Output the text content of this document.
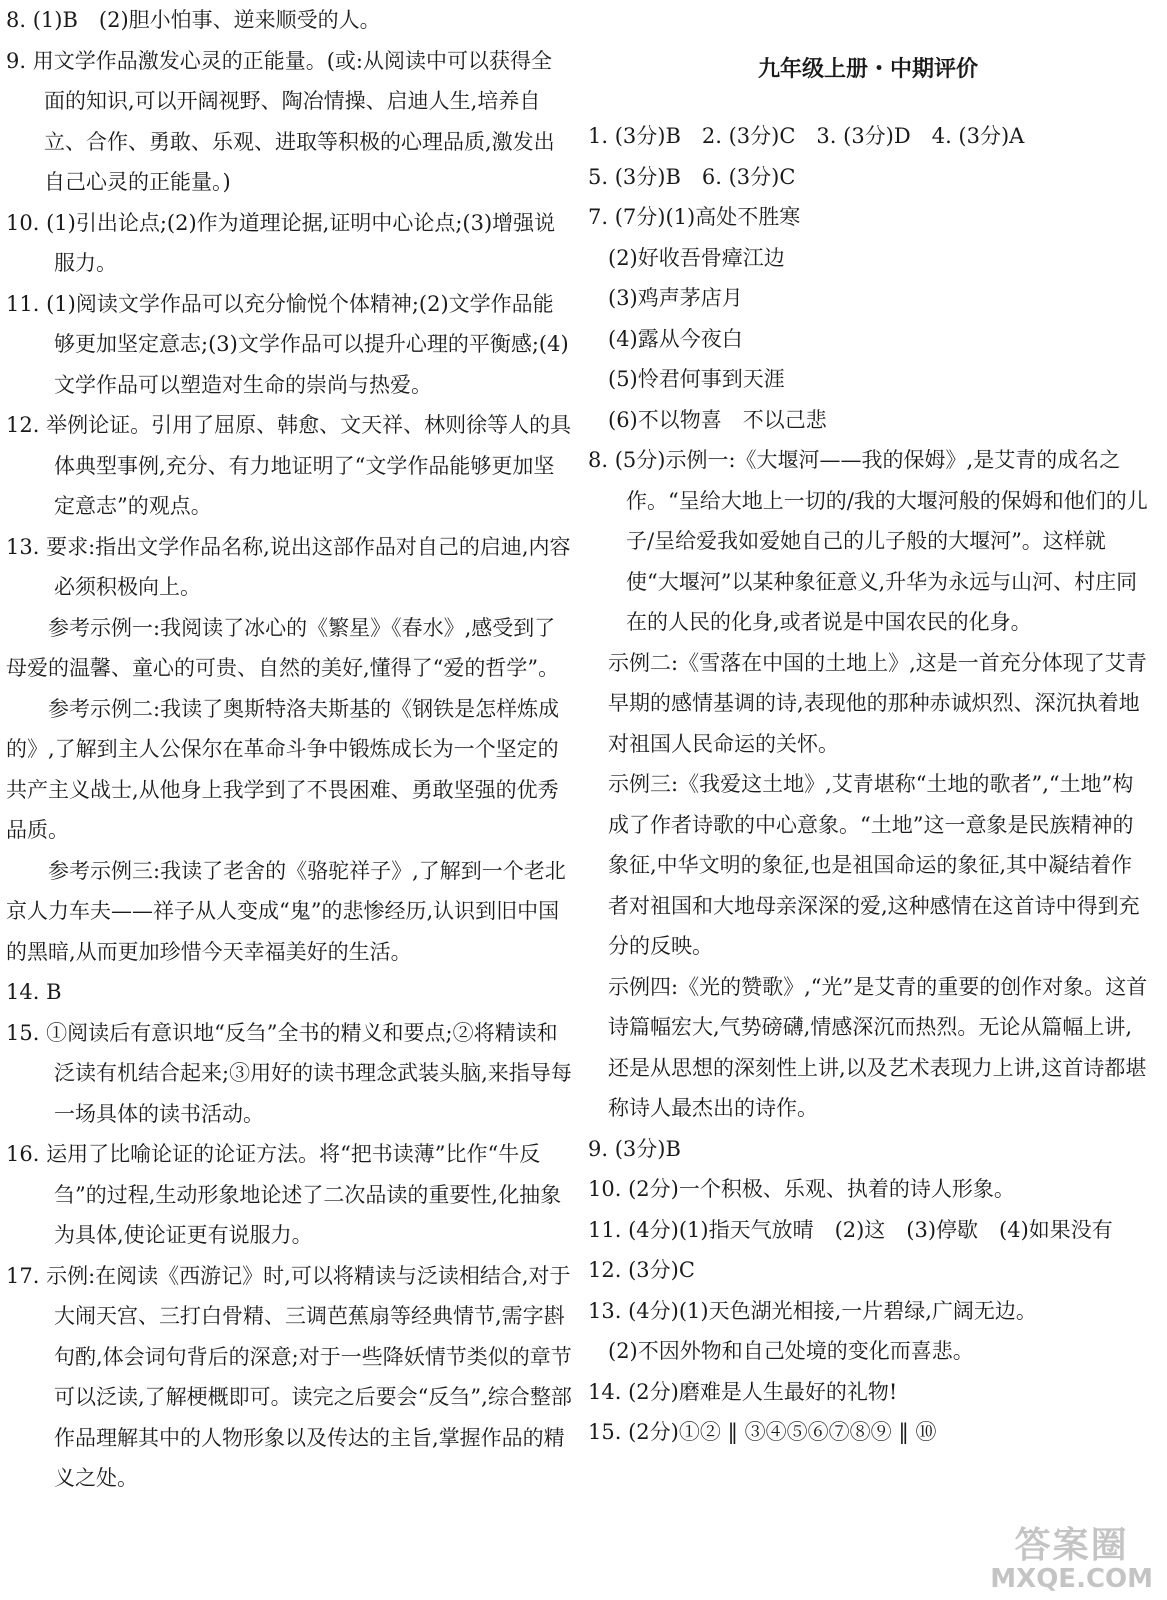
8. (1)B　(2)胆小怕事、逆来顺受的人。
9. 用文学作品激发心灵的正能量。(或:从阅读中可以获得全面的知识,可以开阔视野、陶冶情操、启迪人生,培养自立、合作、勇敢、乐观、进取等积极的心理品质,激发出自己心灵的正能量。)
10. (1)引出论点;(2)作为道理论据,证明中心论点;(3)增强说服力。
11. (1)阅读文学作品可以充分愉悦个体精神;(2)文学作品能够更加坚定意志;(3)文学作品可以提升心理的平衡感;(4)文学作品可以塑造对生命的崇尚与热爱。
12. 举例论证。引用了屈原、韩愈、文天祥、林则徐等人的具体典型事例,充分、有力地证明了“文学作品能够更加坚定意志”的观点。
13. 要求:指出文学作品名称,说出这部作品对自己的启迪,内容必须积极向上。
参考示例一:我阅读了冰心的《繁星》《春水》,感受到了母爱的温馨、童心的可贵、自然的美好,懂得了“爱的哲学”。
参考示例二:我读了奥斯特洛夫斯基的《钢铁是怎样炼成的》,了解到主人公保尔在革命斗争中锻炼成长为一个坚定的共产主义战士,从他身上我学到了不畏困难、勇敢坚强的优秀品质。
参考示例三:我读了老舍的《骆驼祥子》,了解到一个老北京人力车夫——祥子从人变成“鬼”的悲惨经历,认识到旧中国的黑暗,从而更加珍惜今天幸福美好的生活。
14. B
15. ①阅读后有意识地“反刍”全书的精义和要点;②将精读和泛读有机结合起来;③用好的读书理念武装头脑,来指导每一场具体的读书活动。
16. 运用了比喻论证的论证方法。将“把书读薄”比作“牛反刍”的过程,生动形象地论述了二次品读的重要性,化抽象为具体,使论证更有说服力。
17. 示例:在阅读《西游记》时,可以将精读与泛读相结合,对于大闹天宫、三打白骨精、三调芭蕉扇等经典情节,需字斟句酌,体会词句背后的深意;对于一些降妖情节类似的章节可以泛读,了解梗概即可。读完之后要会“反刍”,综合整部作品理解其中的人物形象以及传达的主旨,掌握作品的精义之处。
九年级上册・中期评价
1. (3分)B　2. (3分)C　3. (3分)D　4. (3分)A
5. (3分)B　6. (3分)C
7. (7分)(1)高处不胜寒
(2)好收吾骨瘴江边
(3)鸡声茅店月
(4)露从今夜白
(5)怜君何事到天涯
(6)不以物喜　不以己悲
8. (5分)示例一:《大堰河——我的保姆》,是艾青的成名之作。“呈给大地上一切的/我的大堰河般的保姆和他们的儿子/呈给爱我如爱她自己的儿子般的大堰河”。这样就使“大堰河”以某种象征意义,升华为永远与山河、村庄同在的人民的化身,或者说是中国农民的化身。
示例二:《雪落在中国的土地上》,这是一首充分体现了艾青早期的感情基调的诗,表现他的那种赤诚炽烈、深沉执着地对祖国人民命运的关怀。
示例三:《我爱这土地》,艾青堪称“土地的歌者”,“土地”构成了作者诗歌的中心意象。“土地”这一意象是民族精神的象征,中华文明的象征,也是祖国命运的象征,其中凝结着作者对祖国和大地母亲深深的爱,这种感情在这首诗中得到充分的反映。
示例四:《光的赞歌》,“光”是艾青的重要的创作对象。这首诗篇幅宏大,气势磅礴,情感深沉而热烈。无论从篇幅上讲,还是从思想的深刻性上讲,以及艺术表现力上讲,这首诗都堪称诗人最杰出的诗作。
9. (3分)B
10. (2分)一个积极、乐观、执着的诗人形象。
11. (4分)(1)指天气放晴　(2)这　(3)停歇　(4)如果没有
12. (3分)C
13. (4分)(1)天色湖光相接,一片碧绿,广阔无边。
(2)不因外物和自己处境的变化而喜悲。
14. (2分)磨难是人生最好的礼物!
15. (2分)①② ‖ ③④⑤⑥⑦⑧⑨ ‖ ⑩
答案圈
MXQE.COM
